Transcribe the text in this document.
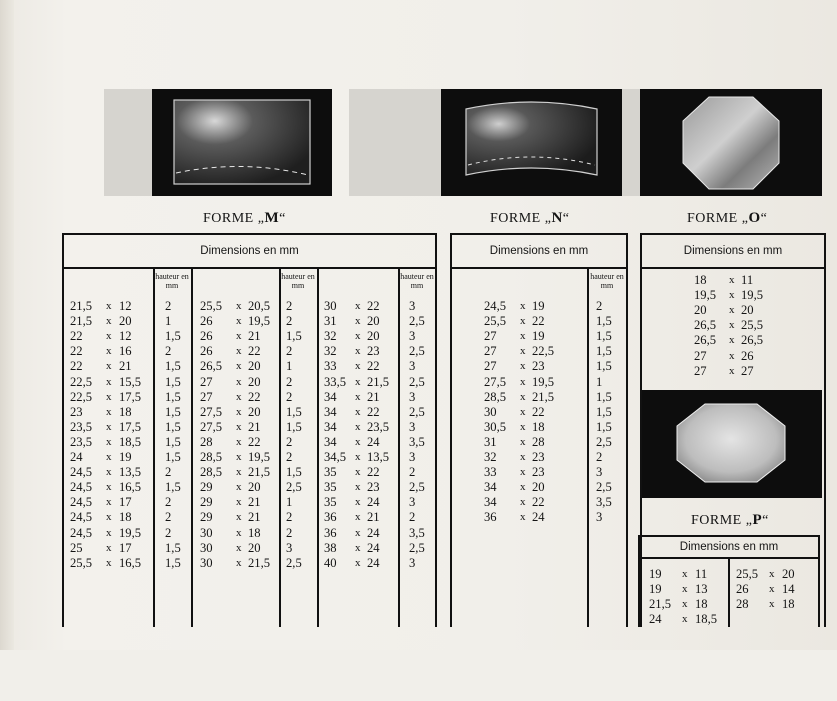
FORME „M“	FORME „N“	FORME „O“
FORME „P“
Dimensions en mm
hauteur en mm
hauteur en mm
hauteur en mm
21,5 x 12	2
21,5 x 20	1
22 x 12	1,5
22 x 16	2
22 x 21	1,5
22,5 x 15,5 1,5
22,5 x 17,5 1,5
23 x 18	1,5
23,5 x 17,5 1,5
23,5 x 18,5 1,5
24 x 19	1,5
24,5 x 13,5 2
24,5 x 16,5 1,5
24,5 x 17	2
24,5 x 18	2
24,5 x 19,5 2
25 x 17	1,5
25,5 x 16,5 1,5
25,5 x 20,5 2
26 x 19,5 2
26 x 21 1,5
26 x 22 2
26,5 x 20 1
27 x 20 2
27 x 22 2
27,5 x 20 1,5
27,5 x 21 1,5
28 x 22 2
28,5 x 19,5 2
28,5 x 21,5 1,5
29 x 20 2,5
29 x 21 1
29 x 21 2
30 x 18 2
30 x 20 3
30 x 21,5 2,5
30 x 22 3
31 x 20 2,5
32 x 20 3
32 x 23 2,5
33 x 22 3
33,5 x 21,5 2,5
34 x 21 3
34 x 22 2,5
34 x 23,5 3
34 x 24 3,5
34,5 x 13,5 3
35 x 22 2
35 x 23 2,5
35 x 24 3
36 x 21 2
36 x 24 3,5
38 x 24 2,5
40 x 24 3
Dimensions en mm
hauteur en mm
24,5 x 19	2
25,5 x 22	1,5
27 x 19	1,5
27 x 22,5	1,5
27 x 23	1,5
27,5 x 19,5	1
28,5 x 21,5	1,5
30 x 22	1,5
30,5 x 18	1,5
31 x 28	2,5
32 x 23	2
33 x 23	3
34 x 20	2,5
34 x 22	3,5
36 x 24	3
Dimensions en mm
18 x 11
19,5 x 19,5
20 x 20
26,5 x 25,5
26,5 x 26,5
27 x 26
27 x 27
Dimensions en mm
19 x 11
19 x 13
21,5 x 18
24 x 18,5
25,5 x 20
26 x 14
28 x 18
